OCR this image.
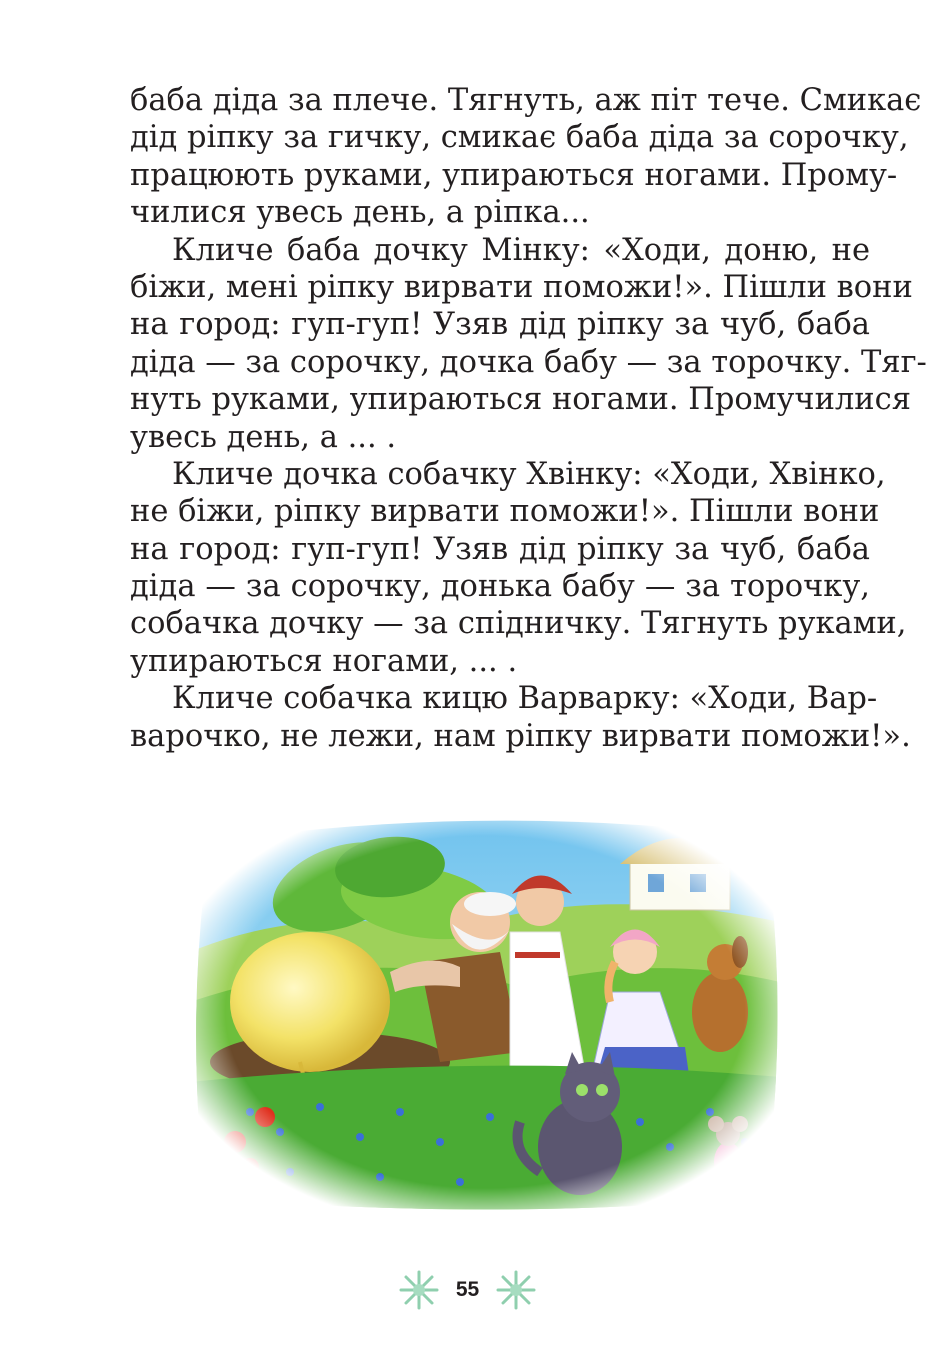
баба діда за плече. Тягнуть, аж піт тече. Смикає
дід ріпку за гичку, смикає баба діда за сорочку,
працюють руками, упираються ногами. Прому-
чилися увесь день, а ріпка...
Кличе баба дочку Мінку: «Ходи, доню, не
біжи, мені ріпку вирвати поможи!». Пішли вони
на город: гуп-гуп! Узяв дід ріпку за чуб, баба
діда — за сорочку, дочка бабу — за торочку. Тяг-
нуть руками, упираються ногами. Промучилися
увесь день, а ... .
Кличе дочка собачку Хвінку: «Ходи, Хвінко,
не біжи, ріпку вирвати поможи!». Пішли вони
на город: гуп-гуп! Узяв дід ріпку за чуб, баба
діда — за сорочку, донька бабу — за торочку,
собачка дочку — за спідничку. Тягнуть руками,
упираються ногами, ... .
Кличе собачка кицю Варварку: «Ходи, Вар-
варочко, не лежи, нам ріпку вирвати поможи!».
55
